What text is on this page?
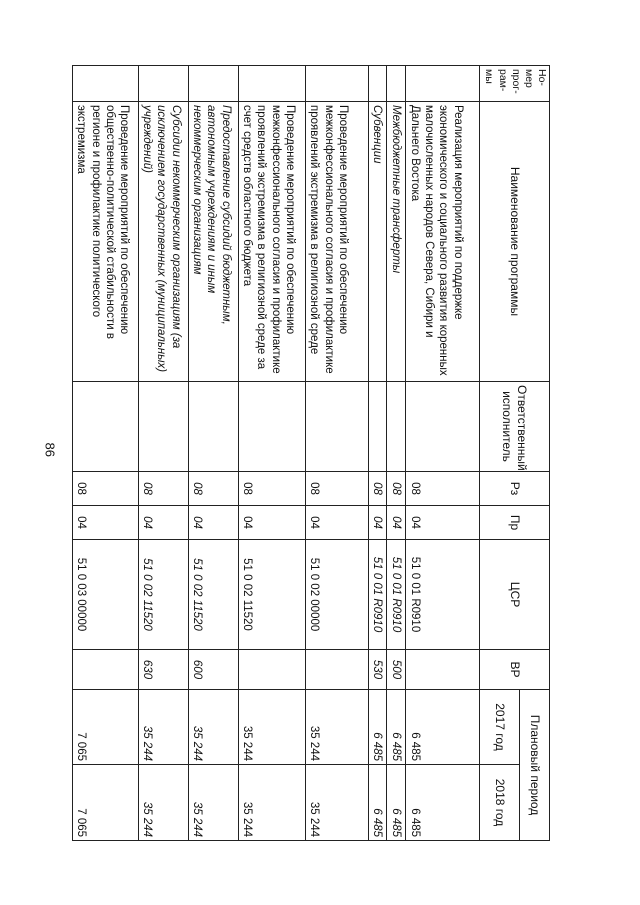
86
Но-мер прог-рам-мы	Наименование программы	Ответственный исполнитель	Рз	Пр	ЦСР	ВР	Плановый период	
							2017 год	2018 год
	Реализация мероприятий по поддержке экономического и социального развития коренных малочисленных народов Севера, Сибири и Дальнего Востока		08	04	51 0 01 R0910		6 485	6 485
	Межбюджетные трансферты		08	04	51 0 01 R0910	500	6 485	6 485
	Субвенции		08	04	51 0 01 R0910	530	6 485	6 485
	Проведение мероприятий по обеспечению межконфессионального согласия и профилактике проявлений экстремизма в религиозной среде		08	04	51 0 02 00000		35 244	35 244
	Проведение мероприятий по обеспечению межконфессионального согласия и профилактике проявлений экстремизма в религиозной среде за счет средств областного бюджета		08	04	51 0 02 11520		35 244	35 244
	Предоставление субсидий бюджетным, автономным учреждениям и иным некоммерческим организациям		08	04	51 0 02 11520	600	35 244	35 244
	Субсидии некоммерческим организациям (за исключением государственных (муниципальных) учреждений)		08	04	51 0 02 11520	630	35 244	35 244
	Проведение мероприятий по обеспечению общественно-политической стабильности в регионе и профилактике политического экстремизма		08	04	51 0 03 00000		7 065	7 065
